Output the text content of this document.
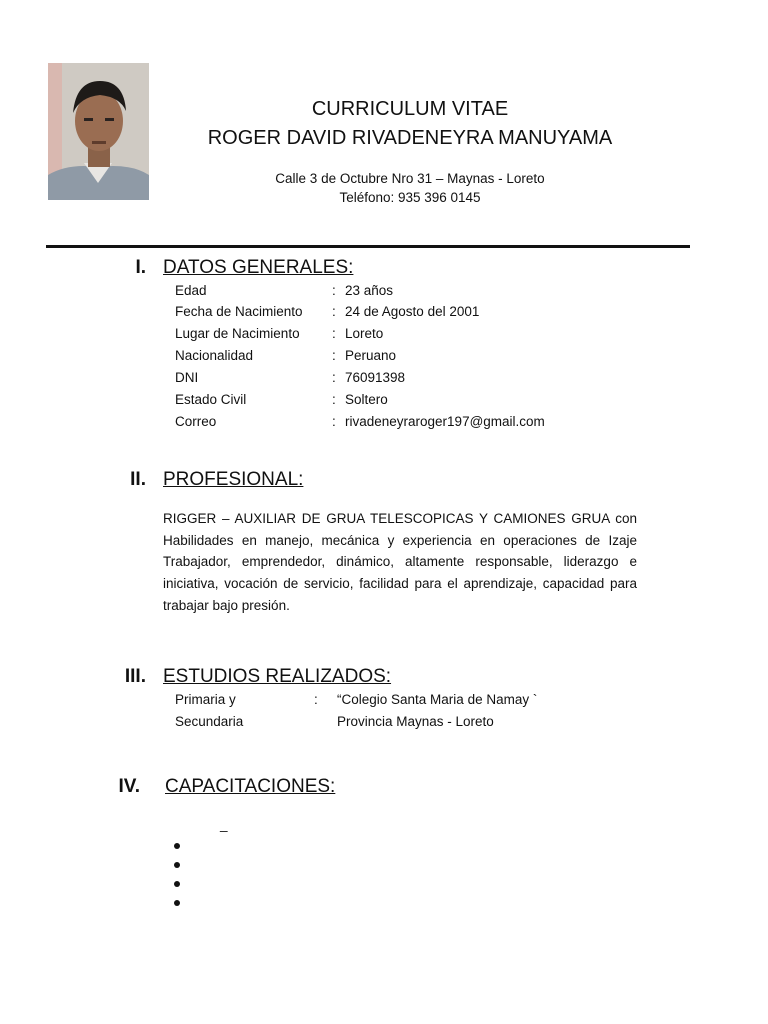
CURRICULUM VITAE
ROGER DAVID RIVADENEYRA MANUYAMA
Calle 3 de Octubre Nro 31 – Maynas - Loreto
Teléfono: 935 396 0145
I. DATOS GENERALES:
Edad	: 23 años
Fecha de Nacimiento : 24 de Agosto del 2001
Lugar de Nacimiento : Loreto
Nacionalidad	: Peruano
DNI	: 76091398
Estado Civil	: Soltero
Correo	: rivadeneyraroger197@gmail.com
II. PROFESIONAL:
RIGGER – AUXILIAR DE GRUA TELESCOPICAS Y CAMIONES GRUA con Habilidades en manejo, mecánica y experiencia en operaciones de Izaje Trabajador, emprendedor, dinámico, altamente responsable, liderazgo e iniciativa, vocación de servicio, facilidad para el aprendizaje, capacidad para trabajar bajo presión.
III. ESTUDIOS REALIZADOS:
Primaria y	: “Colegio Santa Maria de Namay `
Secundaria	Provincia Maynas - Loreto
IV. CAPACITACIONES:
_
